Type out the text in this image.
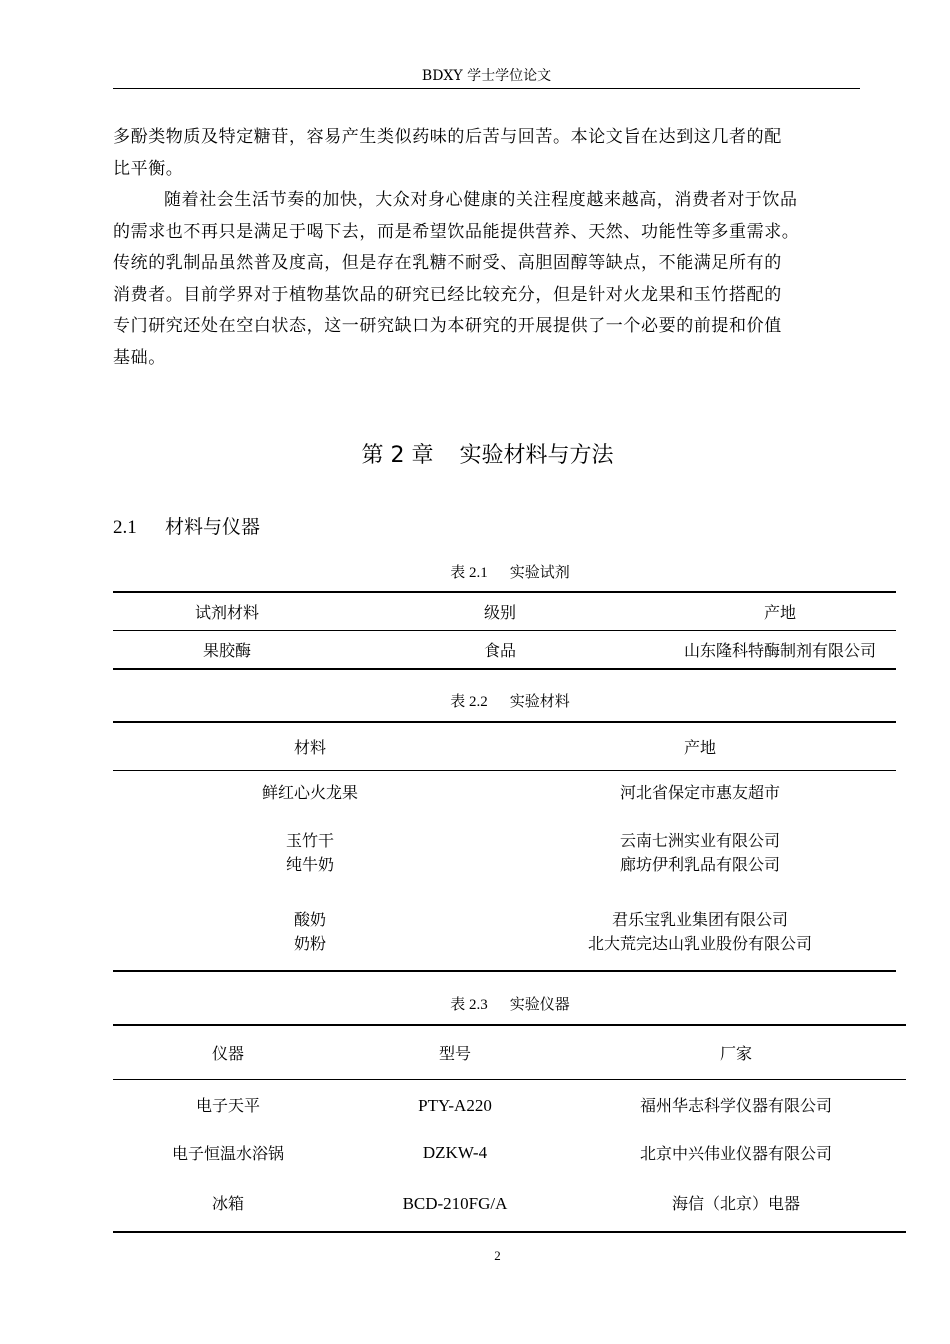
BDXY 学士学位论文

多酚类物质及特定糖苷，容易产生类似药味的后苦与回苦。本论文旨在达到这几者的配
比平衡。

随着社会生活节奏的加快，大众对身心健康的关注程度越来越高，消费者对于饮品
的需求也不再只是满足于喝下去，而是希望饮品能提供营养、天然、功能性等多重需求。
传统的乳制品虽然普及度高，但是存在乳糖不耐受、高胆固醇等缺点，不能满足所有的
消费者。目前学界对于植物基饮品的研究已经比较充分，但是针对火龙果和玉竹搭配的
专门研究还处在空白状态，这一研究缺口为本研究的开展提供了一个必要的前提和价值
基础。

第 2 章 实验材料与方法
2.1 材料与仪器
表 2.1 实验试剂
试剂材料	级别	产地
果胶酶	食品	山东隆科特酶制剂有限公司
表 2.2 实验材料
材料	产地
鲜红心火龙果	河北省保定市惠友超市
玉竹干	云南七洲实业有限公司
纯牛奶	廊坊伊利乳品有限公司
酸奶	君乐宝乳业集团有限公司
奶粉	北大荒完达山乳业股份有限公司
表 2.3 实验仪器
仪器	型号	厂家
电子天平	PTY-A220	福州华志科学仪器有限公司
电子恒温水浴锅	DZKW-4	北京中兴伟业仪器有限公司
冰箱	BCD-210FG/A	海信（北京）电器
2
